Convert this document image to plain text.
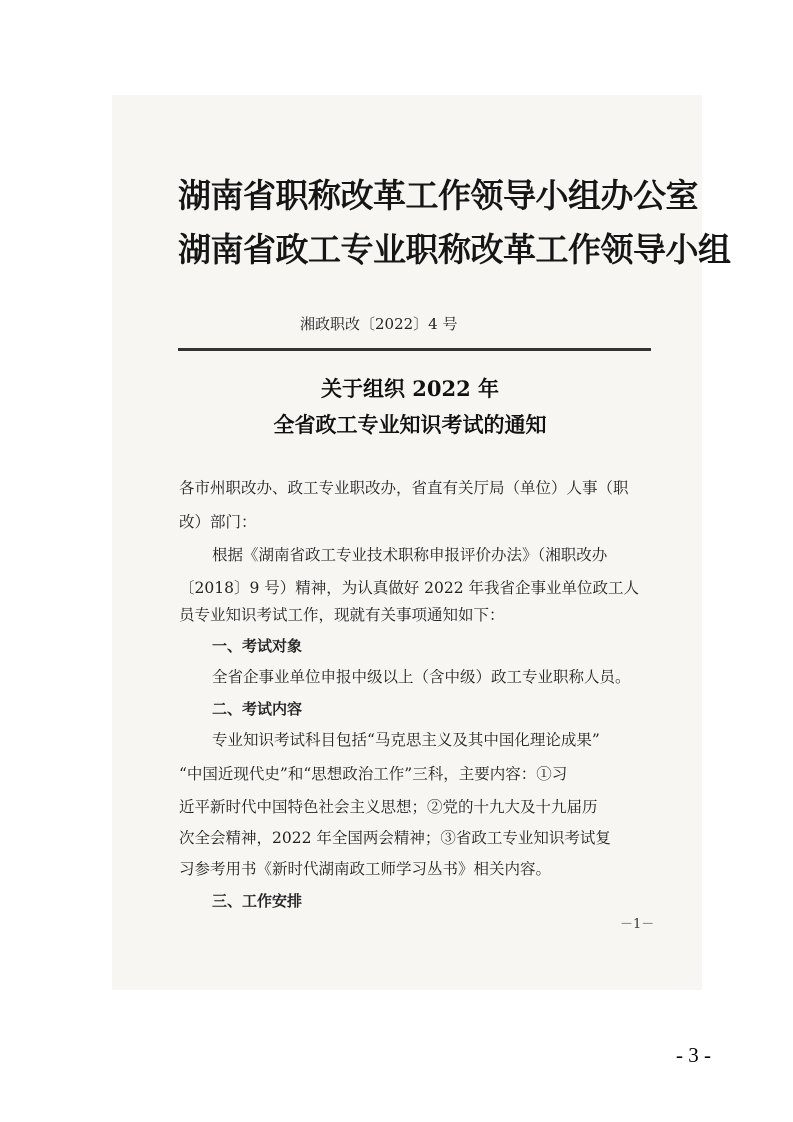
湖南省职称改革工作领导小组办公室
湖南省政工专业职称改革工作领导小组
湘政职改〔2022〕4 号
关于组织 2022 年
全省政工专业知识考试的通知
各市州职改办、政工专业职改办，省直有关厅局（单位）人事（职
改）部门：
根据《湖南省政工专业技术职称申报评价办法》（湘职改办
〔2018〕9 号）精神，为认真做好 2022 年我省企事业单位政工人
员专业知识考试工作，现就有关事项通知如下：
一、考试对象
全省企事业单位申报中级以上（含中级）政工专业职称人员。
二、考试内容
专业知识考试科目包括“马克思主义及其中国化理论成果”
“中国近现代史”和“思想政治工作”三科，主要内容：①习
近平新时代中国特色社会主义思想；②党的十九大及十九届历
次全会精神，2022 年全国两会精神；③省政工专业知识考试复
习参考用书《新时代湖南政工师学习丛书》相关内容。
三、工作安排
－1－
- 3 -
